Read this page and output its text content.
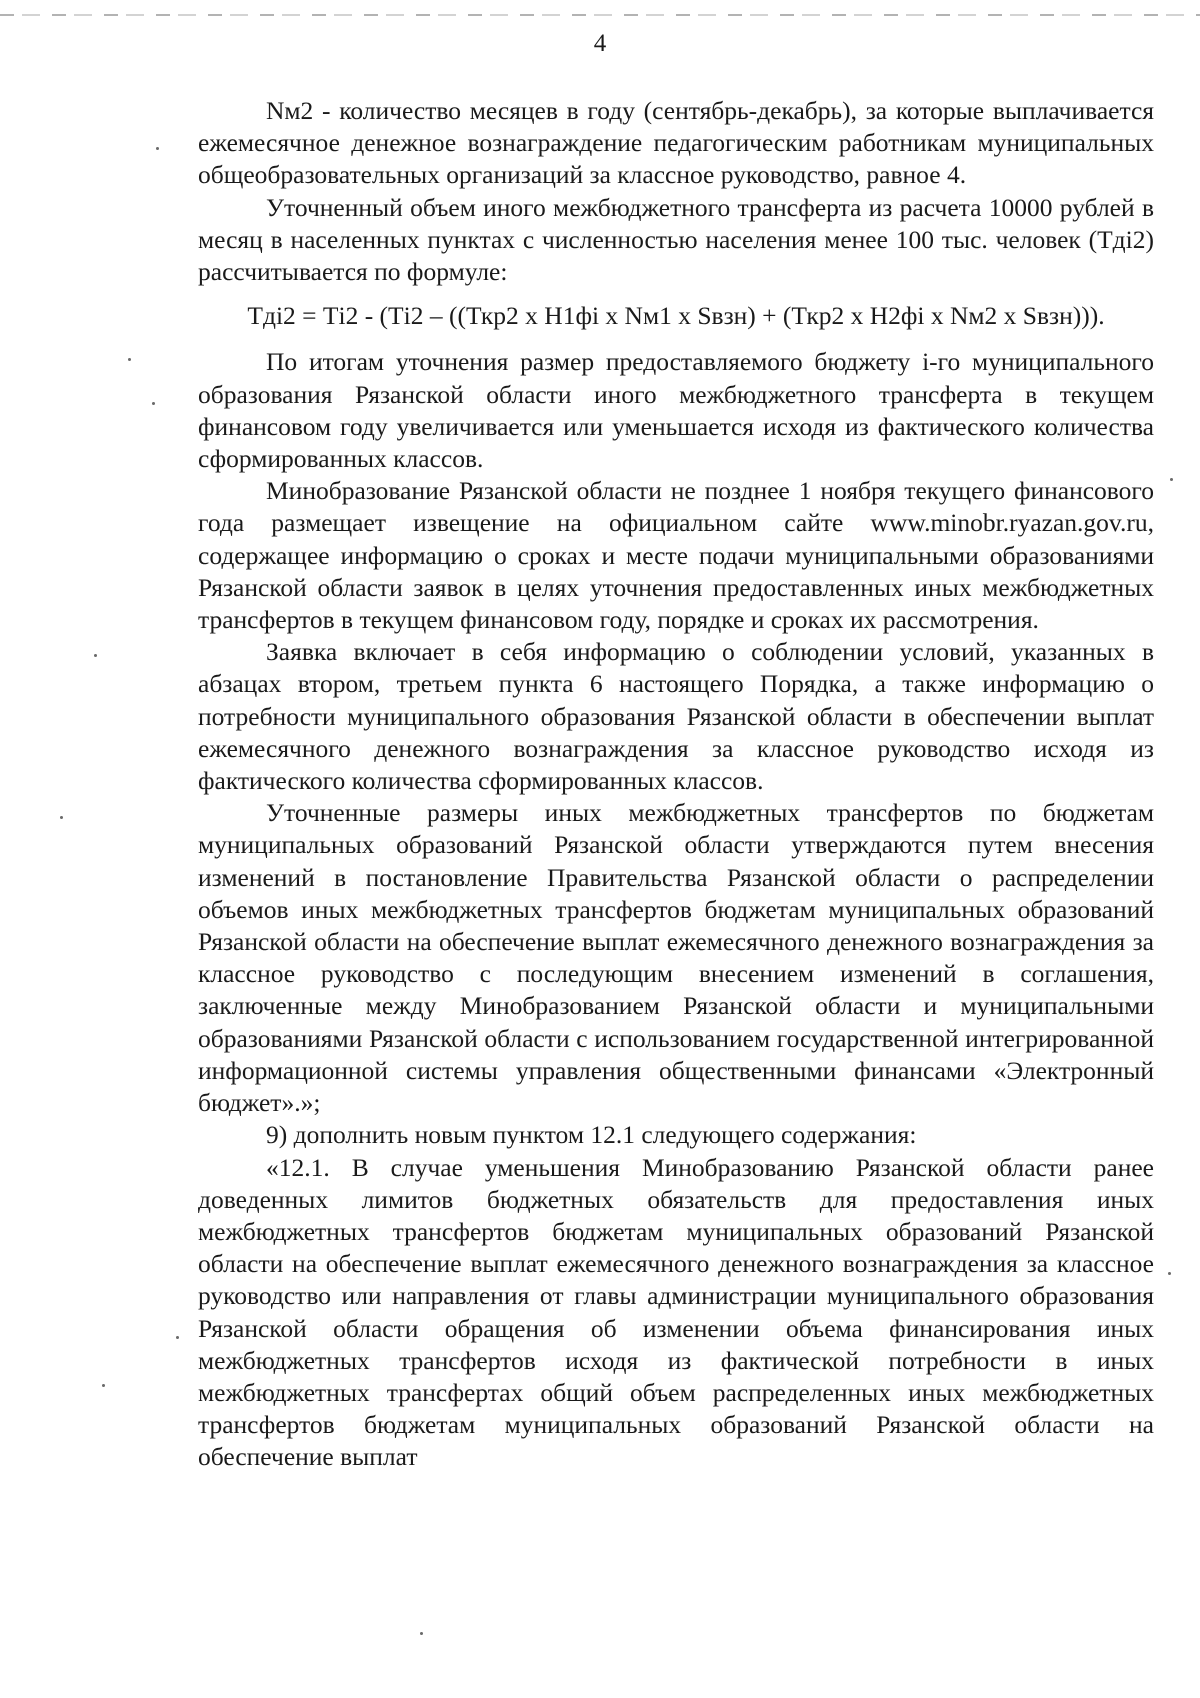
4

Nм2 - количество месяцев в году (сентябрь-декабрь), за которые выплачивается ежемесячное денежное вознаграждение педагогическим работникам муниципальных общеобразовательных организаций за классное руководство, равное 4.

Уточненный объем иного межбюджетного трансферта из расчета 10000 рублей в месяц в населенных пунктах с численностью населения менее 100 тыс. человек (Тдi2) рассчитывается по формуле:

Тдi2 = Тi2 - (Тi2 – ((Ткр2 х Н1фi х Nм1 х Sвзн) + (Ткр2 х Н2фi х Nм2 х Sвзн))).

По итогам уточнения размер предоставляемого бюджету i-го муниципального образования Рязанской области иного межбюджетного трансферта в текущем финансовом году увеличивается или уменьшается исходя из фактического количества сформированных классов.

Минобразование Рязанской области не позднее 1 ноября текущего финансового года размещает извещение на официальном сайте www.minobr.ryazan.gov.ru, содержащее информацию о сроках и месте подачи муниципальными образованиями Рязанской области заявок в целях уточнения предоставленных иных межбюджетных трансфертов в текущем финансовом году, порядке и сроках их рассмотрения.

Заявка включает в себя информацию о соблюдении условий, указанных в абзацах втором, третьем пункта 6 настоящего Порядка, а также информацию о потребности муниципального образования Рязанской области в обеспечении выплат ежемесячного денежного вознаграждения за классное руководство исходя из фактического количества сформированных классов.

Уточненные размеры иных межбюджетных трансфертов по бюджетам муниципальных образований Рязанской области утверждаются путем внесения изменений в постановление Правительства Рязанской области о распределении объемов иных межбюджетных трансфертов бюджетам муниципальных образований Рязанской области на обеспечение выплат ежемесячного денежного вознаграждения за классное руководство с последующим внесением изменений в соглашения, заключенные между Минобразованием Рязанской области и муниципальными образованиями Рязанской области с использованием государственной интегрированной информационной системы управления общественными финансами «Электронный бюджет».»;

9) дополнить новым пунктом 12.1 следующего содержания:

«12.1. В случае уменьшения Минобразованию Рязанской области ранее доведенных лимитов бюджетных обязательств для предоставления иных межбюджетных трансфертов бюджетам муниципальных образований Рязанской области на обеспечение выплат ежемесячного денежного вознаграждения за классное руководство или направления от главы администрации муниципального образования Рязанской области обращения об изменении объема финансирования иных межбюджетных трансфертов исходя из фактической потребности в иных межбюджетных трансфертах общий объем распределенных иных межбюджетных трансфертов бюджетам муниципальных образований Рязанской области на обеспечение выплат
